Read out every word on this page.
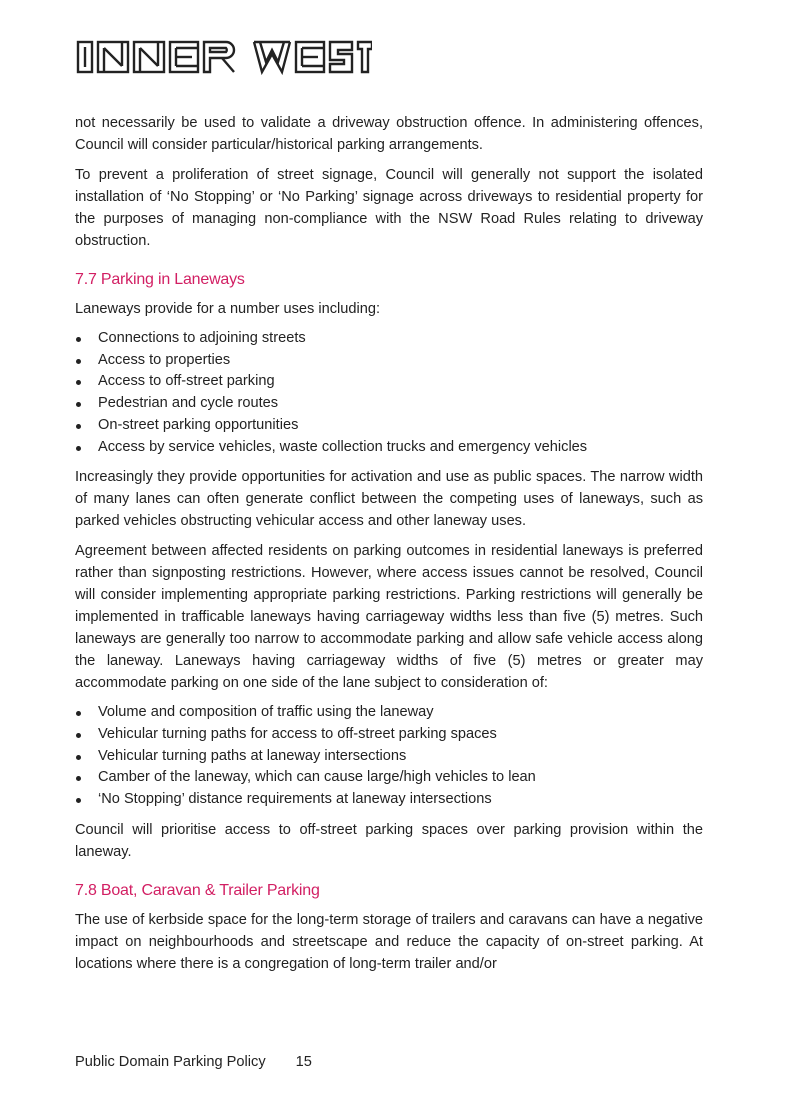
not necessarily be used to validate a driveway obstruction offence. In administering offences, Council will consider particular/historical parking arrangements.

To prevent a proliferation of street signage, Council will generally not support the isolated installation of ‘No Stopping’ or ‘No Parking’ signage across driveways to residential property for the purposes of managing non-compliance with the NSW Road Rules relating to driveway obstruction.

7.7 Parking in Laneways

Laneways provide for a number uses including:

Connections to adjoining streets
Access to properties
Access to off-street parking
Pedestrian and cycle routes
On-street parking opportunities
Access by service vehicles, waste collection trucks and emergency vehicles

Increasingly they provide opportunities for activation and use as public spaces. The narrow width of many lanes can often generate conflict between the competing uses of laneways, such as parked vehicles obstructing vehicular access and other laneway uses.

Agreement between affected residents on parking outcomes in residential laneways is preferred rather than signposting restrictions. However, where access issues cannot be resolved, Council will consider implementing appropriate parking restrictions. Parking restrictions will generally be implemented in trafficable laneways having carriageway widths less than five (5) metres. Such laneways are generally too narrow to accommodate parking and allow safe vehicle access along the laneway. Laneways having carriageway widths of five (5) metres or greater may accommodate parking on one side of the lane subject to consideration of:

Volume and composition of traffic using the laneway
Vehicular turning paths for access to off-street parking spaces
Vehicular turning paths at laneway intersections
Camber of the laneway, which can cause large/high vehicles to lean
‘No Stopping’ distance requirements at laneway intersections

Council will prioritise access to off-street parking spaces over parking provision within the laneway.

7.8 Boat, Caravan & Trailer Parking

The use of kerbside space for the long-term storage of trailers and caravans can have a negative impact on neighbourhoods and streetscape and reduce the capacity of on-street parking. At locations where there is a congregation of long-term trailer and/or

Public Domain Parking Policy 15
